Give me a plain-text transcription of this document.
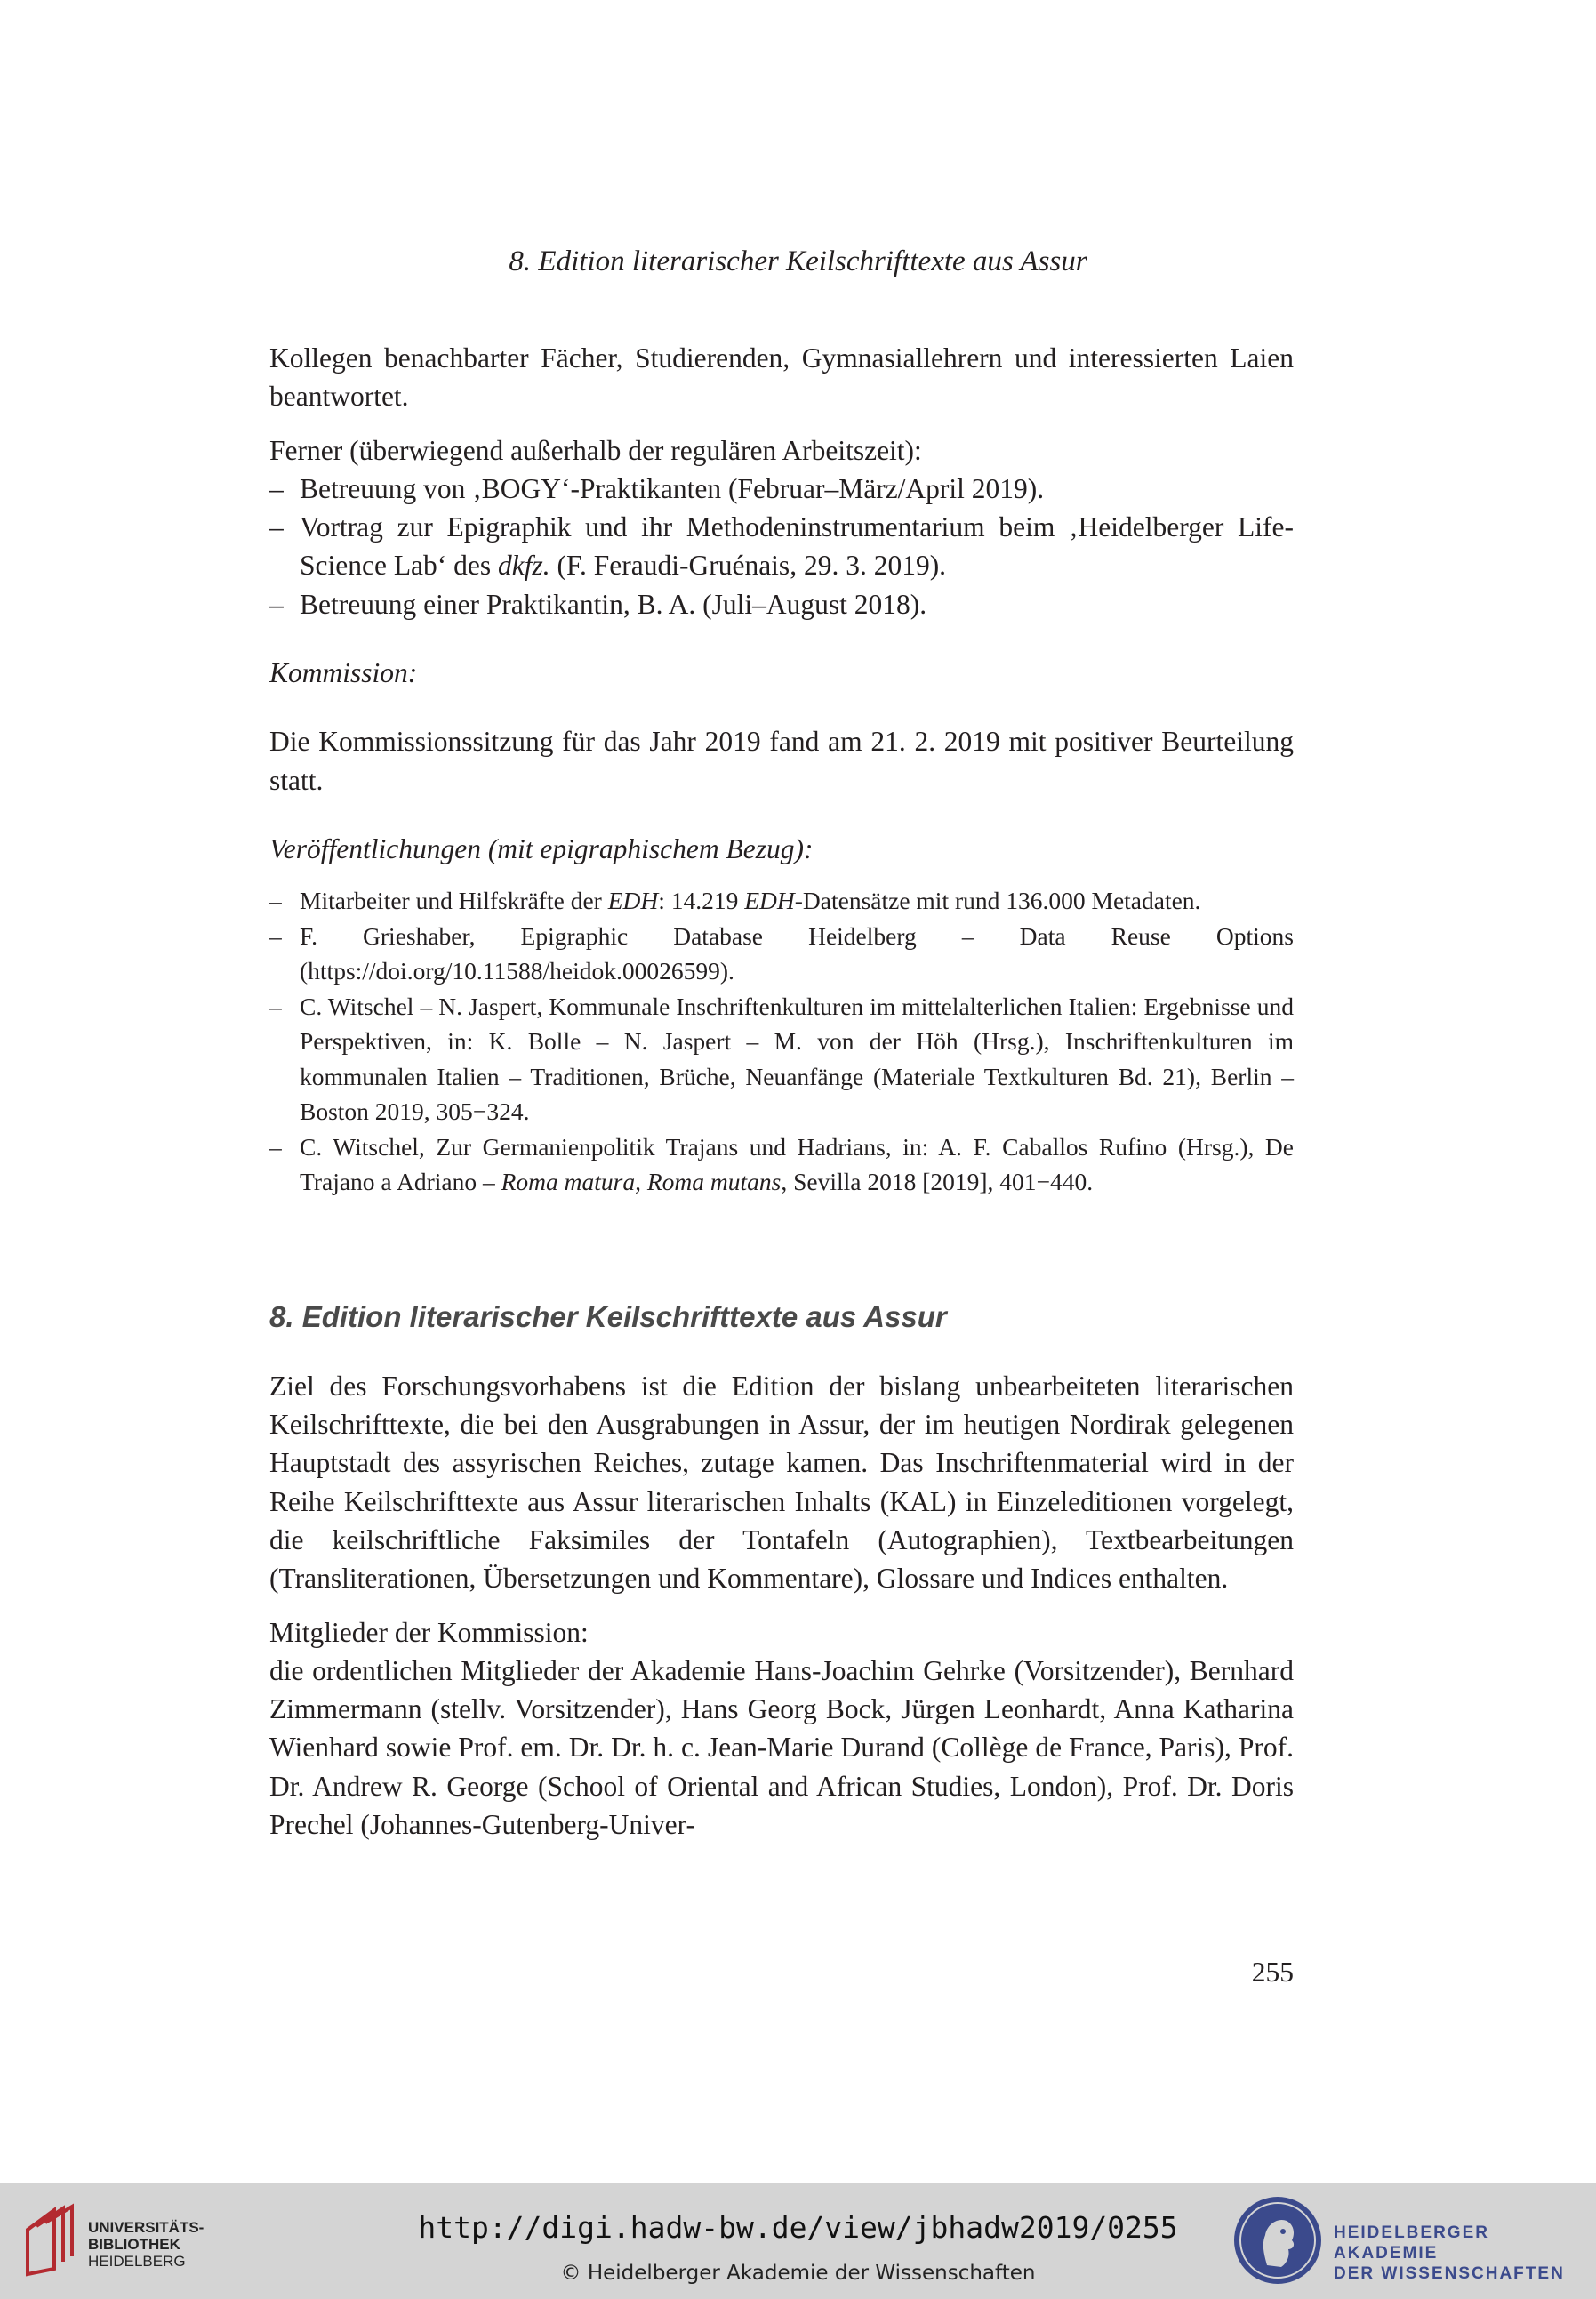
8. Edition literarischer Keilschrifttexte aus Assur

Kollegen benachbarter Fächer, Studierenden, Gymnasiallehrern und interessierten Laien beantwortet.

Ferner (überwiegend außerhalb der regulären Arbeitszeit):

– Betreuung von ‚BOGY‘-Praktikanten (Februar–März/April 2019).
– Vortrag zur Epigraphik und ihr Methodeninstrumentarium beim ‚Heidelberger Life-Science Lab‘ des dkfz. (F. Feraudi-Gruénais, 29. 3. 2019).
– Betreuung einer Praktikantin, B. A. (Juli–August 2018).

Kommission:

Die Kommissionssitzung für das Jahr 2019 fand am 21. 2. 2019 mit positiver Beurteilung statt.

Veröffentlichungen (mit epigraphischem Bezug):

– Mitarbeiter und Hilfskräfte der EDH: 14.219 EDH-Datensätze mit rund 136.000 Metadaten.
– F. Grieshaber, Epigraphic Database Heidelberg – Data Reuse Options (https://doi.org/10.11588/heidok.00026599).
– C. Witschel – N. Jaspert, Kommunale Inschriftenkulturen im mittelalterlichen Italien: Ergebnisse und Perspektiven, in: K. Bolle – N. Jaspert – M. von der Höh (Hrsg.), Inschriftenkulturen im kommunalen Italien – Traditionen, Brüche, Neuanfänge (Materiale Textkulturen Bd. 21), Berlin – Boston 2019, 305−324.
– C. Witschel, Zur Germanienpolitik Trajans und Hadrians, in: A. F. Caballos Rufino (Hrsg.), De Trajano a Adriano – Roma matura, Roma mutans, Sevilla 2018 [2019], 401−440.

8. Edition literarischer Keilschrifttexte aus Assur

Ziel des Forschungsvorhabens ist die Edition der bislang unbearbeiteten literarischen Keilschrifttexte, die bei den Ausgrabungen in Assur, der im heutigen Nordirak gelegenen Hauptstadt des assyrischen Reiches, zutage kamen. Das Inschriftenmaterial wird in der Reihe Keilschrifttexte aus Assur literarischen Inhalts (KAL) in Einzeleditionen vorgelegt, die keilschriftliche Faksimiles der Tontafeln (Autographien), Textbearbeitungen (Transliterationen, Übersetzungen und Kommentare), Glossare und Indices enthalten.

Mitglieder der Kommission:

die ordentlichen Mitglieder der Akademie Hans-Joachim Gehrke (Vorsitzender), Bernhard Zimmermann (stellv. Vorsitzender), Hans Georg Bock, Jürgen Leonhardt, Anna Katharina Wienhard sowie Prof. em. Dr. Dr. h. c. Jean-Marie Durand (Collège de France, Paris), Prof. Dr. Andrew R. George (School of Oriental and African Studies, London), Prof. Dr. Doris Prechel (Johannes-Gutenberg-Univer-

255
UNIVERSITÄTS-
BIBLIOTHEK
HEIDELBERG
http://digi.hadw-bw.de/view/jbhadw2019/0255
© Heidelberger Akademie der Wissenschaften
HEIDELBERGER AKADEMIE
DER WISSENSCHAFTEN
